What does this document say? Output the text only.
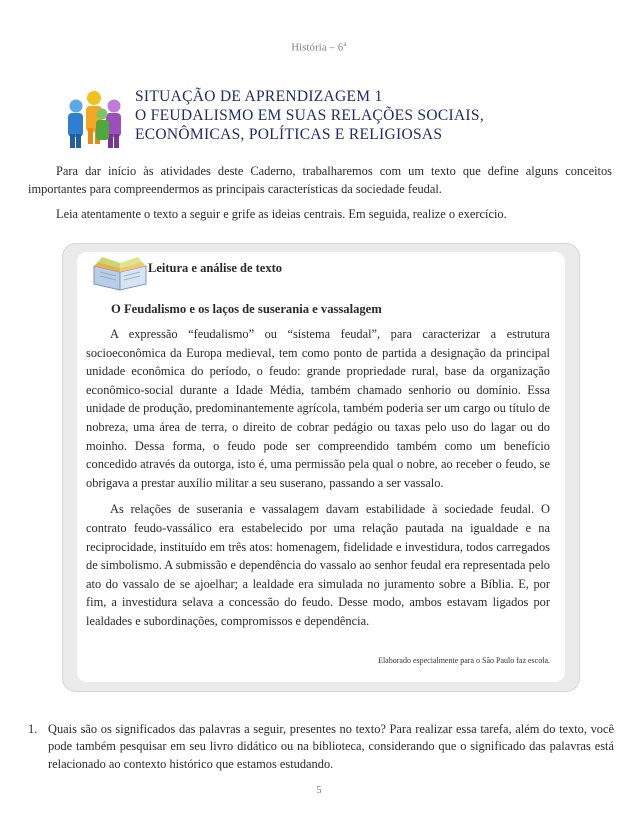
História – 6$^a$
SITUAÇÃO DE APRENDIZAGEM 1
O FEUDALISMO EM SUAS RELAÇÕES SOCIAIS,
ECONÔMICAS, POLÍTICAS E RELIGIOSAS

Para dar início às atividades deste Caderno, trabalharemos com um texto que define alguns conceitos importantes para compreendermos as principais características da sociedade feudal.

Leia atentamente o texto a seguir e grife as ideias centrais. Em seguida, realize o exercício.

Leitura e análise de texto
O Feudalismo e os laços de suserania e vassalagem

A expressão “feudalismo” ou “sistema feudal”, para caracterizar a estrutura socioeconômica da Europa medieval, tem como ponto de partida a designação da principal unidade econômica do período, o feudo: grande propriedade rural, base da organização econômico-social durante a Idade Média, também chamado senhorio ou domínio. Essa unidade de produção, predominantemente agrícola, também poderia ser um cargo ou título de nobreza, uma área de terra, o direito de cobrar pedágio ou taxas pelo uso do lagar ou do moinho. Dessa forma, o feudo pode ser compreendido também como um benefício concedido através da outorga, isto é, uma permissão pela qual o nobre, ao receber o feudo, se obrigava a prestar auxílio militar a seu suserano, passando a ser vassalo.

As relações de suserania e vassalagem davam estabilidade à sociedade feudal. O contrato feudo-vassálico era estabelecido por uma relação pautada na igualdade e na reciprocidade, instituído em três atos: homenagem, fidelidade e investidura, todos carregados de simbolismo. A submissão e dependência do vassalo ao senhor feudal era representada pelo ato do vassalo de se ajoelhar; a lealdade era simulada no juramento sobre a Bíblia. E, por fim, a investidura selava a concessão do feudo. Desse modo, ambos estavam ligados por lealdades e subordinações, compromissos e dependência.

Elaborado especialmente para o São Paulo faz escola.
1. Quais são os significados das palavras a seguir, presentes no texto? Para realizar essa tarefa, além do texto, você pode também pesquisar em seu livro didático ou na biblioteca, considerando que o significado das palavras está relacionado ao contexto histórico que estamos estudando.
5
